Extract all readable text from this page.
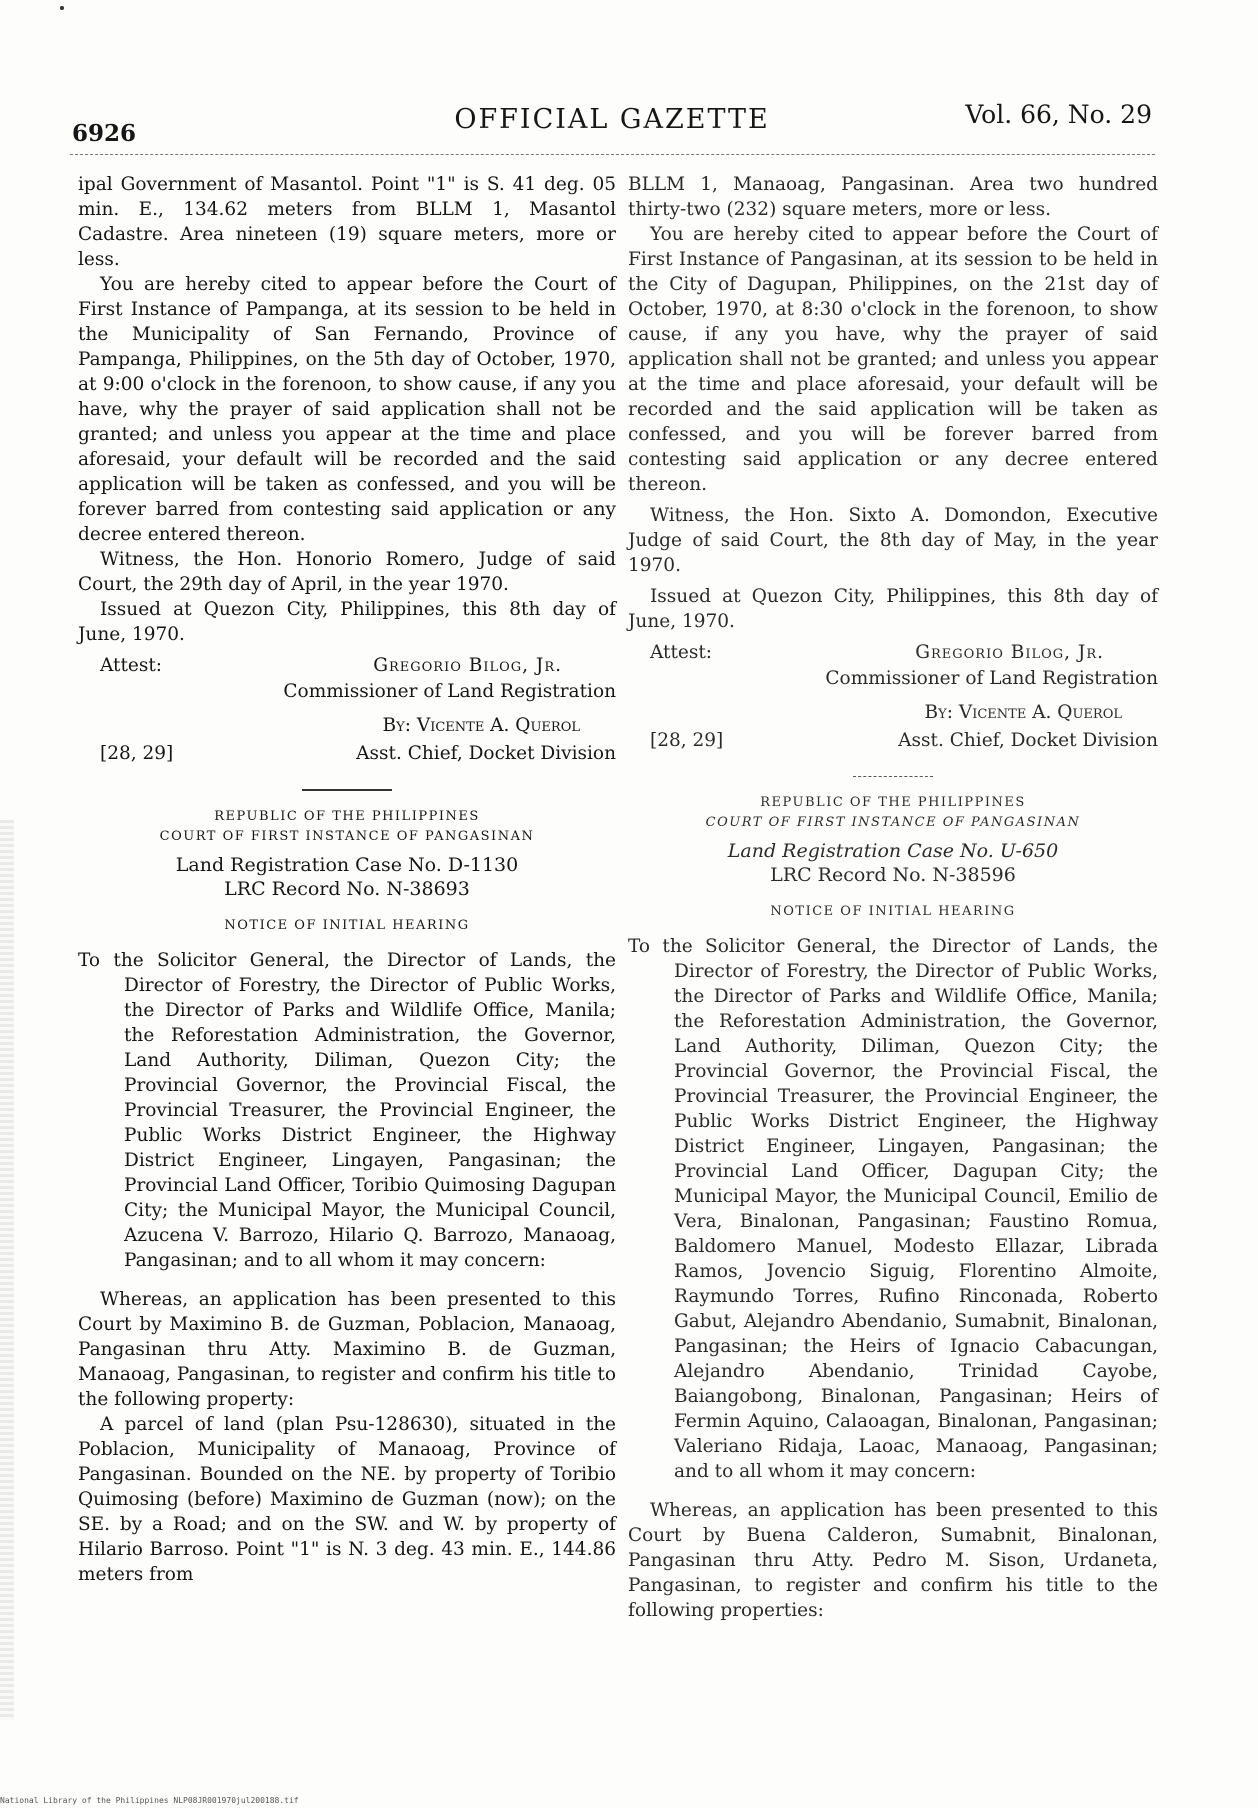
6926	OFFICIAL GAZETTE	Vol. 66, No. 29

ipal Government of Masantol. Point "1" is S. 41 deg. 05 min. E., 134.62 meters from BLLM 1, Masantol Cadastre. Area nineteen (19) square meters, more or less.

You are hereby cited to appear before the Court of First Instance of Pampanga, at its session to be held in the Municipality of San Fernando, Province of Pampanga, Philippines, on the 5th day of October, 1970, at 9:00 o'clock in the forenoon, to show cause, if any you have, why the prayer of said application shall not be granted; and unless you appear at the time and place aforesaid, your default will be recorded and the said application will be taken as confessed, and you will be forever barred from contesting said application or any decree entered thereon.

Witness, the Hon. Honorio Romero, Judge of said Court, the 29th day of April, in the year 1970.

Issued at Quezon City, Philippines, this 8th day of June, 1970.

Attest:	Gregorio Bilog, Jr.
Commissioner of Land Registration
By: Vicente A. Querol
[28, 29]	Asst. Chief, Docket Division

REPUBLIC OF THE PHILIPPINES

COURT OF FIRST INSTANCE OF PANGASINAN

Land Registration Case No. D-1130

LRC Record No. N-38693

NOTICE OF INITIAL HEARING

To the Solicitor General, the Director of Lands, the Director of Forestry, the Director of Public Works, the Director of Parks and Wildlife Office, Manila; the Reforestation Administration, the Governor, Land Authority, Diliman, Quezon City; the Provincial Governor, the Provincial Fiscal, the Provincial Treasurer, the Provincial Engineer, the Public Works District Engineer, the Highway District Engineer, Lingayen, Pangasinan; the Provincial Land Officer, Toribio Quimosing Dagupan City; the Municipal Mayor, the Municipal Council, Azucena V. Barrozo, Hilario Q. Barrozo, Manaoag, Pangasinan; and to all whom it may concern:

Whereas, an application has been presented to this Court by Maximino B. de Guzman, Poblacion, Manaoag, Pangasinan thru Atty. Maximino B. de Guzman, Manaoag, Pangasinan, to register and confirm his title to the following property:

A parcel of land (plan Psu-128630), situated in the Poblacion, Municipality of Manaoag, Province of Pangasinan. Bounded on the NE. by property of Toribio Quimosing (before) Maximino de Guzman (now); on the SE. by a Road; and on the SW. and W. by property of Hilario Barroso. Point "1" is N. 3 deg. 43 min. E., 144.86 meters from

BLLM 1, Manaoag, Pangasinan. Area two hundred thirty-two (232) square meters, more or less.

You are hereby cited to appear before the Court of First Instance of Pangasinan, at its session to be held in the City of Dagupan, Philippines, on the 21st day of October, 1970, at 8:30 o'clock in the forenoon, to show cause, if any you have, why the prayer of said application shall not be granted; and unless you appear at the time and place aforesaid, your default will be recorded and the said application will be taken as confessed, and you will be forever barred from contesting said application or any decree entered thereon.

Witness, the Hon. Sixto A. Domondon, Executive Judge of said Court, the 8th day of May, in the year 1970.

Issued at Quezon City, Philippines, this 8th day of June, 1970.

Attest:	Gregorio Bilog, Jr.
Commissioner of Land Registration
By: Vicente A. Querol
[28, 29]	Asst. Chief, Docket Division

REPUBLIC OF THE PHILIPPINES

COURT OF FIRST INSTANCE OF PANGASINAN

Land Registration Case No. U-650

LRC Record No. N-38596

NOTICE OF INITIAL HEARING

To the Solicitor General, the Director of Lands, the Director of Forestry, the Director of Public Works, the Director of Parks and Wildlife Office, Manila; the Reforestation Administration, the Governor, Land Authority, Diliman, Quezon City; the Provincial Governor, the Provincial Fiscal, the Provincial Treasurer, the Provincial Engineer, the Public Works District Engineer, the Highway District Engineer, Lingayen, Pangasinan; the Provincial Land Officer, Dagupan City; the Municipal Mayor, the Municipal Council, Emilio de Vera, Binalonan, Pangasinan; Faustino Romua, Baldomero Manuel, Modesto Ellazar, Librada Ramos, Jovencio Siguig, Florentino Almoite, Raymundo Torres, Rufino Rinconada, Roberto Gabut, Alejandro Abendanio, Sumabnit, Binalonan, Pangasinan; the Heirs of Ignacio Cabacungan, Alejandro Abendanio, Trinidad Cayobe, Baiangobong, Binalonan, Pangasinan; Heirs of Fermin Aquino, Calaoagan, Binalonan, Pangasinan; Valeriano Ridaja, Laoac, Manaoag, Pangasinan; and to all whom it may concern:

Whereas, an application has been presented to this Court by Buena Calderon, Sumabnit, Binalonan, Pangasinan thru Atty. Pedro M. Sison, Urdaneta, Pangasinan, to register and confirm his title to the following properties:

National Library of the Philippines NLP08JR001970jul200188.tif
